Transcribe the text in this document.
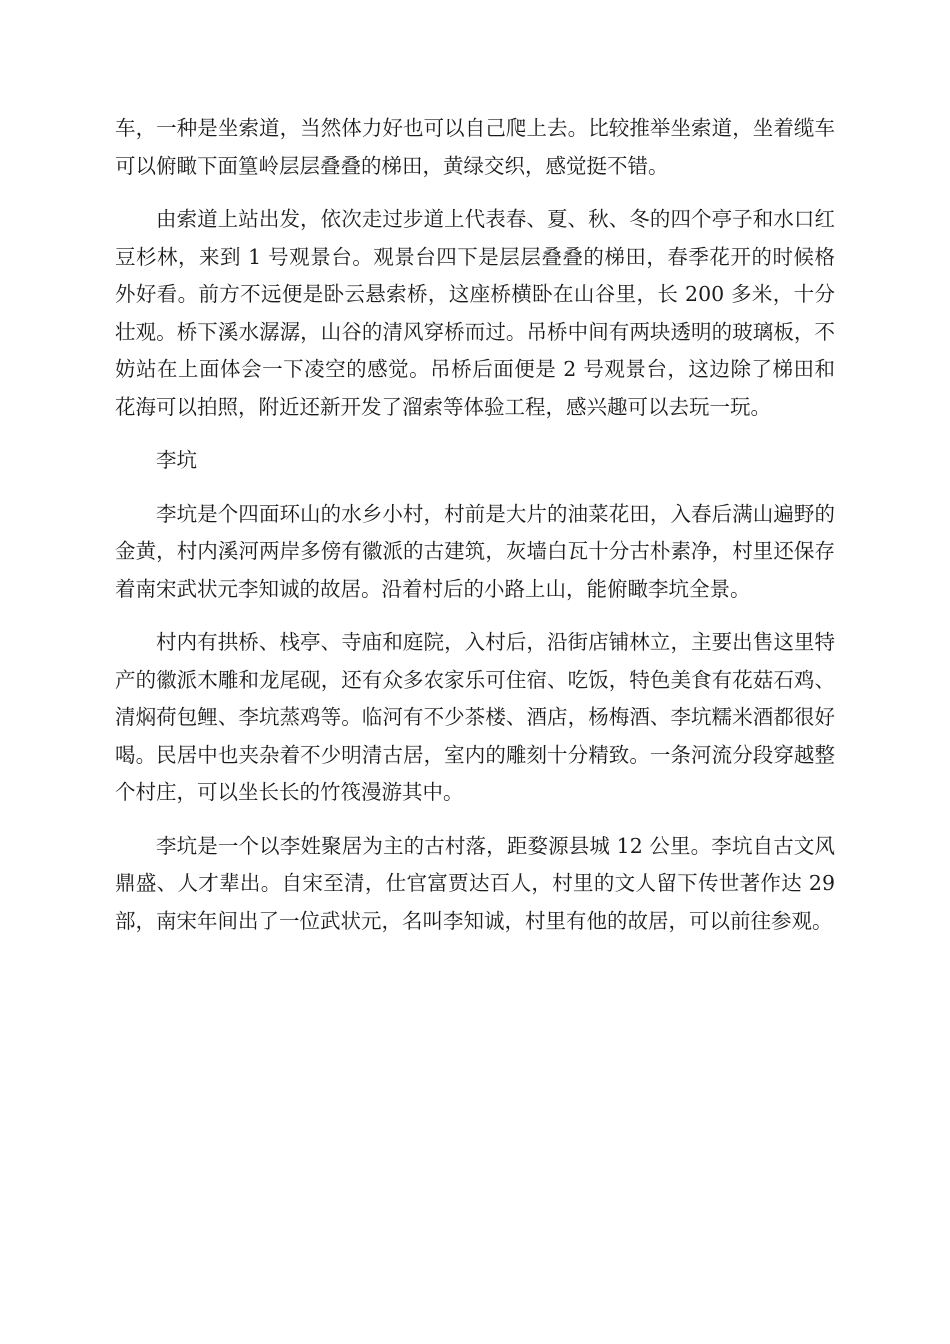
车，一种是坐索道，当然体力好也可以自己爬上去。比较推举坐索道，坐着缆车可以俯瞰下面篁岭层层叠叠的梯田，黄绿交织，感觉挺不错。

由索道上站出发，依次走过步道上代表春、夏、秋、冬的四个亭子和水口红豆杉林，来到 1 号观景台。观景台四下是层层叠叠的梯田，春季花开的时候格外好看。前方不远便是卧云悬索桥，这座桥横卧在山谷里，长 200 多米，十分壮观。桥下溪水潺潺，山谷的清风穿桥而过。吊桥中间有两块透明的玻璃板，不妨站在上面体会一下凌空的感觉。吊桥后面便是 2 号观景台，这边除了梯田和花海可以拍照，附近还新开发了溜索等体验工程，感兴趣可以去玩一玩。

李坑

李坑是个四面环山的水乡小村，村前是大片的油菜花田，入春后满山遍野的金黄，村内溪河两岸多傍有徽派的古建筑，灰墙白瓦十分古朴素净，村里还保存着南宋武状元李知诚的故居。沿着村后的小路上山，能俯瞰李坑全景。

村内有拱桥、栈亭、寺庙和庭院，入村后，沿街店铺林立，主要出售这里特产的徽派木雕和龙尾砚，还有众多农家乐可住宿、吃饭，特色美食有花菇石鸡、清焖荷包鲤、李坑蒸鸡等。临河有不少茶楼、酒店，杨梅酒、李坑糯米酒都很好喝。民居中也夹杂着不少明清古居，室内的雕刻十分精致。一条河流分段穿越整个村庄，可以坐长长的竹筏漫游其中。

李坑是一个以李姓聚居为主的古村落，距婺源县城 12 公里。李坑自古文风鼎盛、人才辈出。自宋至清，仕官富贾达百人，村里的文人留下传世著作达 29 部，南宋年间出了一位武状元，名叫李知诚，村里有他的故居，可以前往参观。
